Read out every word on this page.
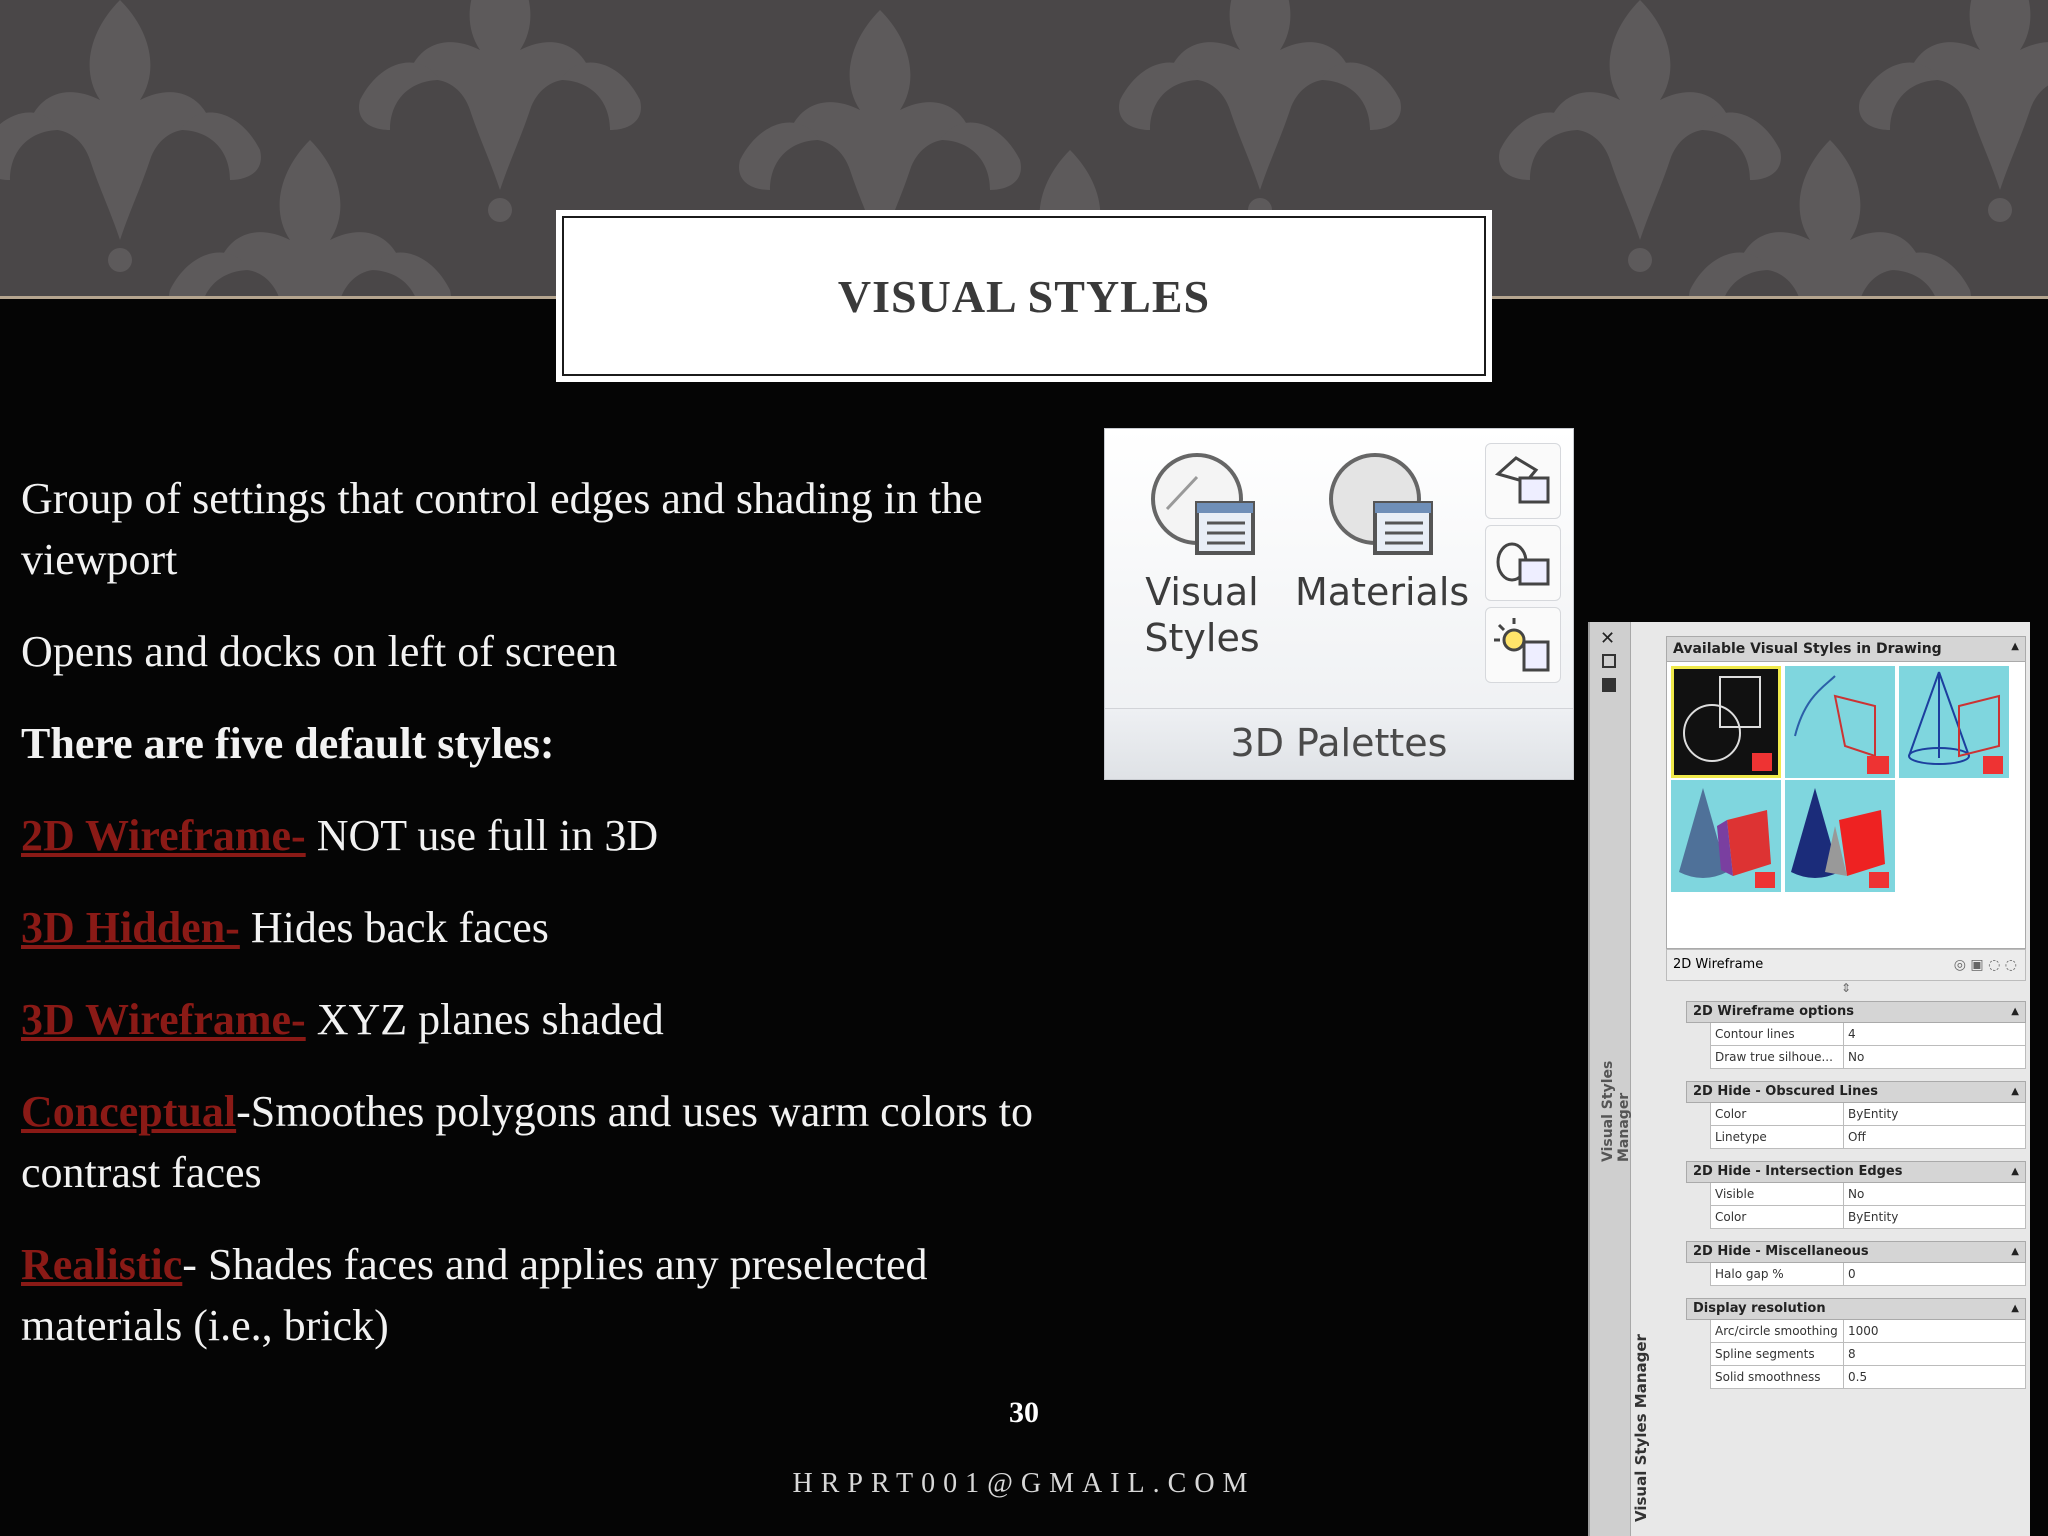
VISUAL STYLES

Group of settings that control edges and shading in the viewport

Opens and docks on left of screen

There are five default styles:

2D Wireframe- NOT use full in 3D

3D Hidden- Hides back faces

3D Wireframe- XYZ planes shaded

Conceptual-Smoothes polygons and uses warm colors to contrast faces

Realistic- Shades faces and applies any preselected materials (i.e., brick)

Visual
Styles
Materials
3D Palettes
✕
Visual Styles Manager
Visual Styles Manager
Available Visual Styles in Drawing	▲
2D Wireframe	◎ ▣ ◌ ◌
⇕
2D Wireframe options	▲
Contour lines	4
Draw true silhoue...	No
2D Hide - Obscured Lines	▲
Color	ByEntity
Linetype	Off
2D Hide - Intersection Edges	▲
Visible	No
Color	ByEntity
2D Hide - Miscellaneous	▲
Halo gap %	0
Display resolution	▲
Arc/circle smoothing 1000
Spline segments	8
Solid smoothness	0.5
30
HRPRT001@GMAIL.COM
